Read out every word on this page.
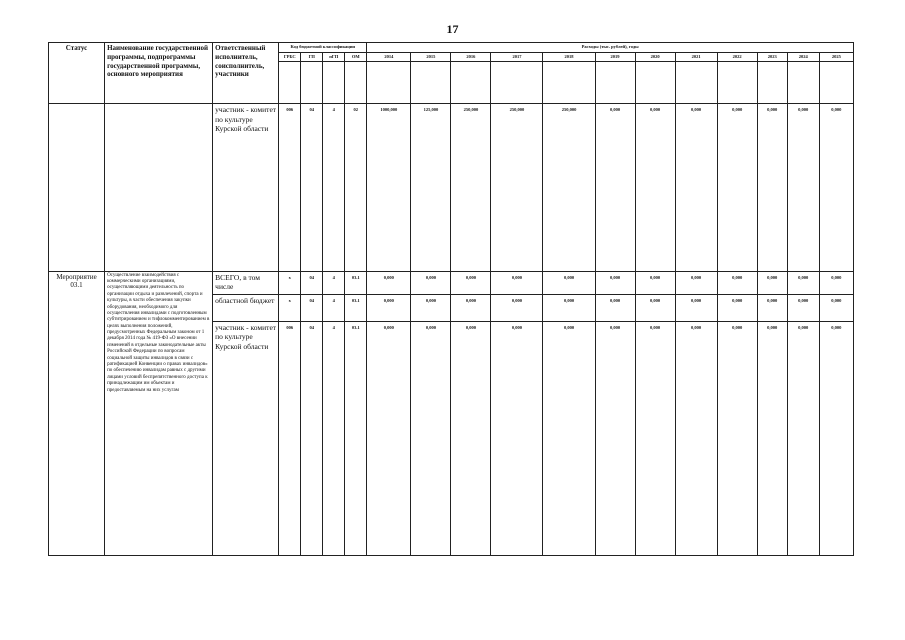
17
Статус	Наименование государственной программы, подпрограммы государственной программы, основного мероприятия	Ответственный исполнитель, соисполнитель, участники	Код бюджетной классификации				Расходы (тыс. рублей), годы											
			ГРБС	ГП	пГП	ОМ	2014	2015	2016	2017	2018	2019	2020	2021	2022	2023	2024	2025

		участник - комитет по культуре Курской области	006	04	4	02	1000,000	125,000	250,000	250,000	250,000	0,000	0,000	0,000	0,000	0,000	0,000	0,000
Мероприятие 03.1	Осуществление взаимодействия с коммерческими организациями, осуществляющими деятельность по организации отдыха и развлечений, спорта и культуры, в части обеспечения закупки оборудования, необходимого для осуществления инвалидами с подготовленным субтитрированием и тифлокомментированием в целях выполнения положений, предусмотренных Федеральным законом от 1 декабря 2014 года № 419-ФЗ «О внесении изменений в отдельные законодательные акты Российской Федерации по вопросам социальной защиты инвалидов в связи с ратификацией Конвенции о правах инвалидов» по обеспечению инвалидам равных с другими лицами условий беспрепятственного доступа к принадлежащим им объектам и предоставляемым на них услугам	ВСЕГО, в том числе	х	04	4	03.1	0,000	0,000	0,000	0,000	0,000	0,000	0,000	0,000	0,000	0,000	0,000	0,000
		областной бюджет	х	04	4	03.1	0,000	0,000	0,000	0,000	0,000	0,000	0,000	0,000	0,000	0,000	0,000	0,000
		участник - комитет по культуре Курской области	006	04	4	03.1	0,000	0,000	0,000	0,000	0,000	0,000	0,000	0,000	0,000	0,000	0,000	0,000
